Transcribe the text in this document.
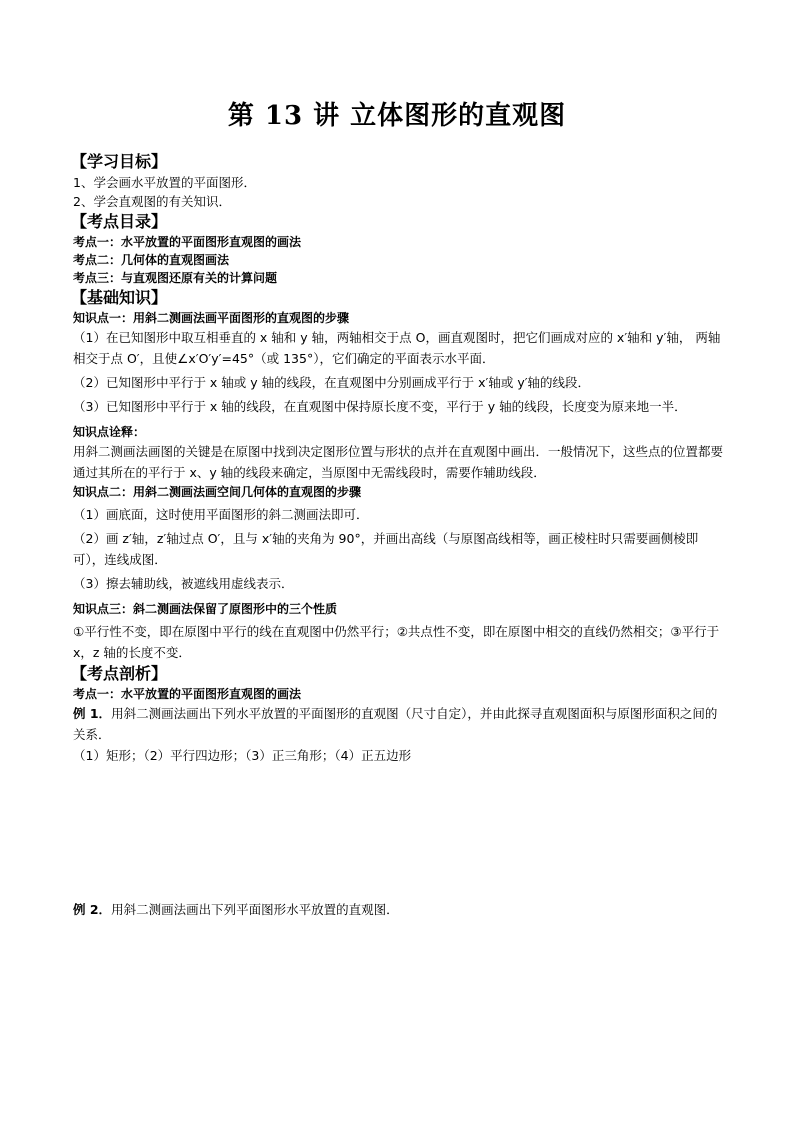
第 13 讲 立体图形的直观图
【学习目标】
1、学会画水平放置的平面图形．
2、学会直观图的有关知识．
【考点目录】
考点一：水平放置的平面图形直观图的画法
考点二：几何体的直观图画法
考点三：与直观图还原有关的计算问题
【基础知识】
知识点一：用斜二测画法画平面图形的直观图的步骤

（1）在已知图形中取互相垂直的 x 轴和 y 轴，两轴相交于点 O，画直观图时，把它们画成对应的 x′轴和 y′轴， 两轴相交于点 O′，且使∠x′O′y′=45°（或 135°），它们确定的平面表示水平面．

（2）已知图形中平行于 x 轴或 y 轴的线段，在直观图中分别画成平行于 x′轴或 y′轴的线段．

（3）已知图形中平行于 x 轴的线段，在直观图中保持原长度不变，平行于 y 轴的线段，长度变为原来地一半．

知识点诠释：

用斜二测画法画图的关键是在原图中找到决定图形位置与形状的点并在直观图中画出．一般情况下，这些点的位置都要通过其所在的平行于 x、y 轴的线段来确定，当原图中无需线段时，需要作辅助线段．

知识点二：用斜二测画法画空间几何体的直观图的步骤

（1）画底面，这时使用平面图形的斜二测画法即可．

（2）画 z′轴，z′轴过点 O′，且与 x′轴的夹角为 90°，并画出高线（与原图高线相等，画正棱柱时只需要画侧棱即可），连线成图．

（3）擦去辅助线，被遮线用虚线表示．

知识点三：斜二测画法保留了原图形中的三个性质

①平行性不变，即在原图中平行的线在直观图中仍然平行；②共点性不变，即在原图中相交的直线仍然相交；③平行于 x，z 轴的长度不变．

【考点剖析】
考点一：水平放置的平面图形直观图的画法

例 1．用斜二测画法画出下列水平放置的平面图形的直观图（尺寸自定），并由此探寻直观图面积与原图形面积之间的关系．

（1）矩形；（2）平行四边形；（3）正三角形；（4）正五边形
例 2．用斜二测画法画出下列平面图形水平放置的直观图．
